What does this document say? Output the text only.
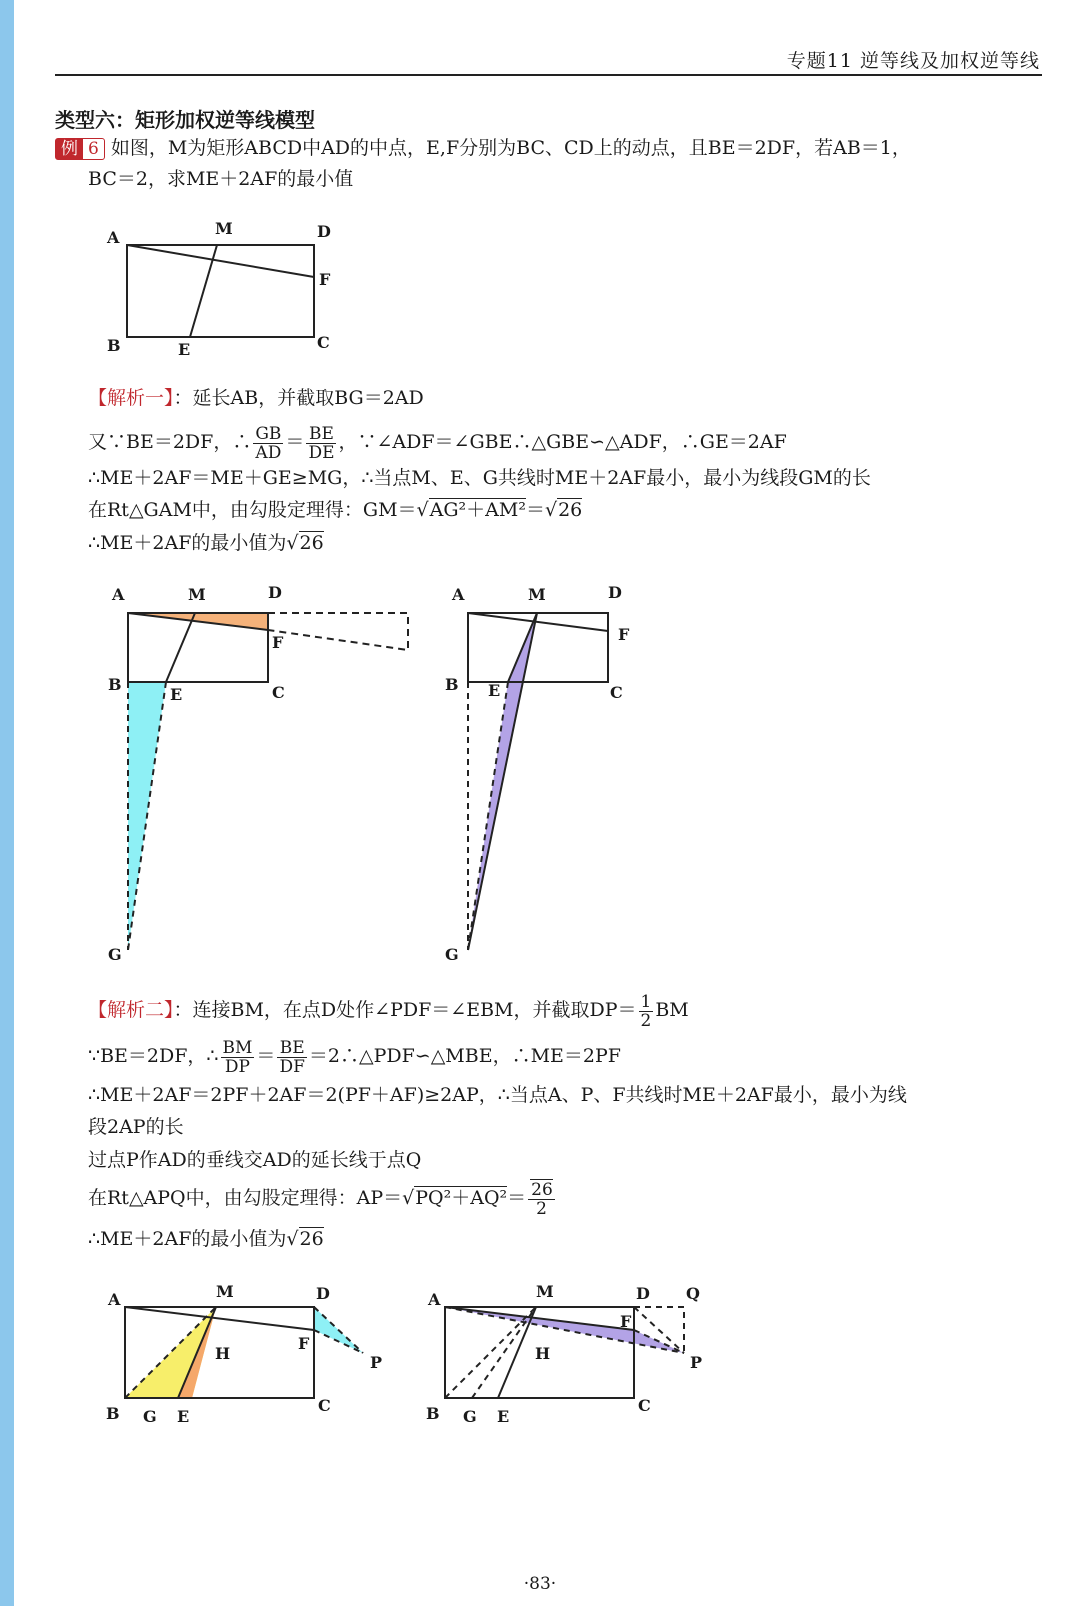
专题11 逆等线及加权逆等线
类型六：矩形加权逆等线模型
例 6 如图，M为矩形ABCD中AD的中点，E,F分别为BC、CD上的动点，且BE＝2DF，若AB＝1，
BC＝2，求ME＋2AF的最小值
A	M	D
F
B	E	C
【解析一】：延长AB，并截取BG＝2AD
又∵BE＝2DF，∴ $\frac{GB}{AD} = \frac{BE}{DE}$ ，∵∠ADF＝∠GBE∴△GBE∽△ADF，∴GE＝2AF
∴ME＋2AF＝ME＋GE≥MG，∴当点M、E、G共线时ME＋2AF最小，最小为线段GM的长
在Rt△GAM中，由勾股定理得：GM＝√AG²＋AM²＝√26
∴ME＋2AF的最小值为√26
A	M	D
F
B
E	C
G
A	M	D
F
B E	C
G
【解析二】：连接BM，在点D处作∠PDF＝∠EBM，并截取$DP= \frac{1}{2}$ BM
∵BE＝2DF，∴ $\frac{BM}{DP} = \frac{BE}{DF}$ ＝2∴△PDF∽△MBE，∴ME＝2PF
∴ME＋2AF＝2PF＋2AF＝2(PF＋AF)≥2AP，∴当点A、P、F共线时ME＋2AF最小，最小为线
段2AP的长
过点P作AD的垂线交AD的延长线于点Q
在Rt△APQ中，由勾股定理得：$AP=√PQ^2+AQ^2= \frac{26}{2}$
∴ME＋2AF的最小值为√26
A	M	D
F
H	P
B G E
C
A	M	D Q
F
H	P
B G E
C
·83·
